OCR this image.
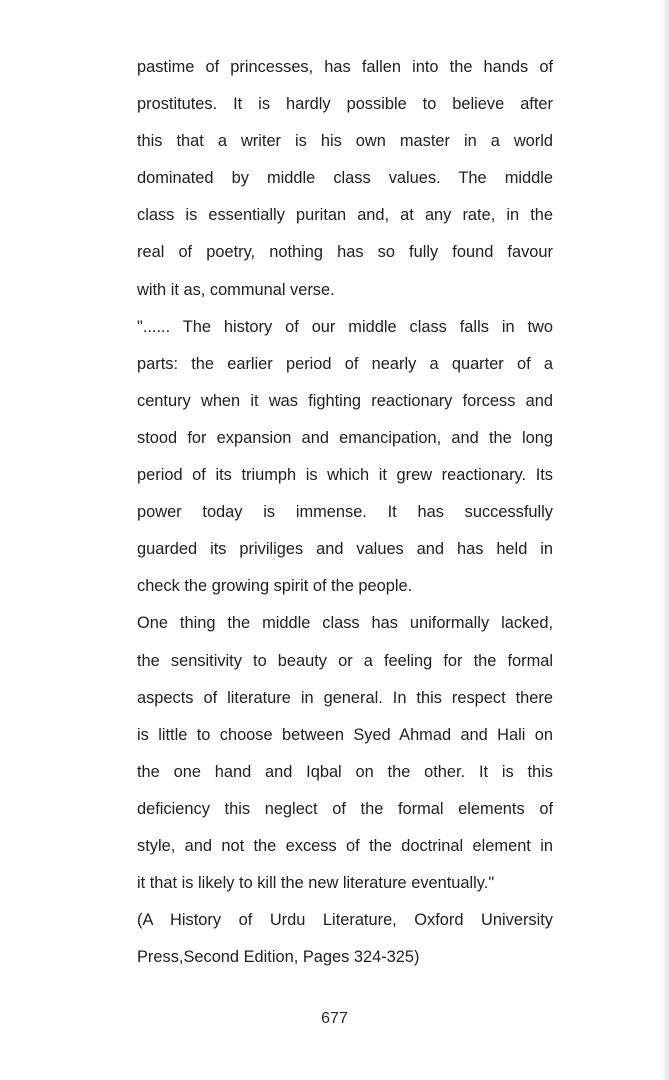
pastime of princesses, has fallen into the hands of
prostitutes. It is hardly possible to believe after
this that a writer is his own master in a world
dominated by middle class values. The middle
class is essentially puritan and, at any rate, in the
real of poetry, nothing has so fully found favour
with it as, communal verse.
"...... The history of our middle class falls in two
parts: the earlier period of nearly a quarter of a
century when it was fighting reactionary forcess and
stood for expansion and emancipation, and the long
period of its triumph is which it grew reactionary. Its
power today is immense. It has successfully
guarded its priviliges and values and has held in
check the growing spirit of the people.
One thing the middle class has uniformally lacked,
the sensitivity to beauty or a feeling for the formal
aspects of literature in general. In this respect there
is little to choose between Syed Ahmad and Hali on
the one hand and Iqbal on the other. It is this
deficiency this neglect of the formal elements of
style, and not the excess of the doctrinal element in
it that is likely to kill the new literature eventually."
(A History of Urdu Literature, Oxford University
Press,Second Edition, Pages 324-325)
677
